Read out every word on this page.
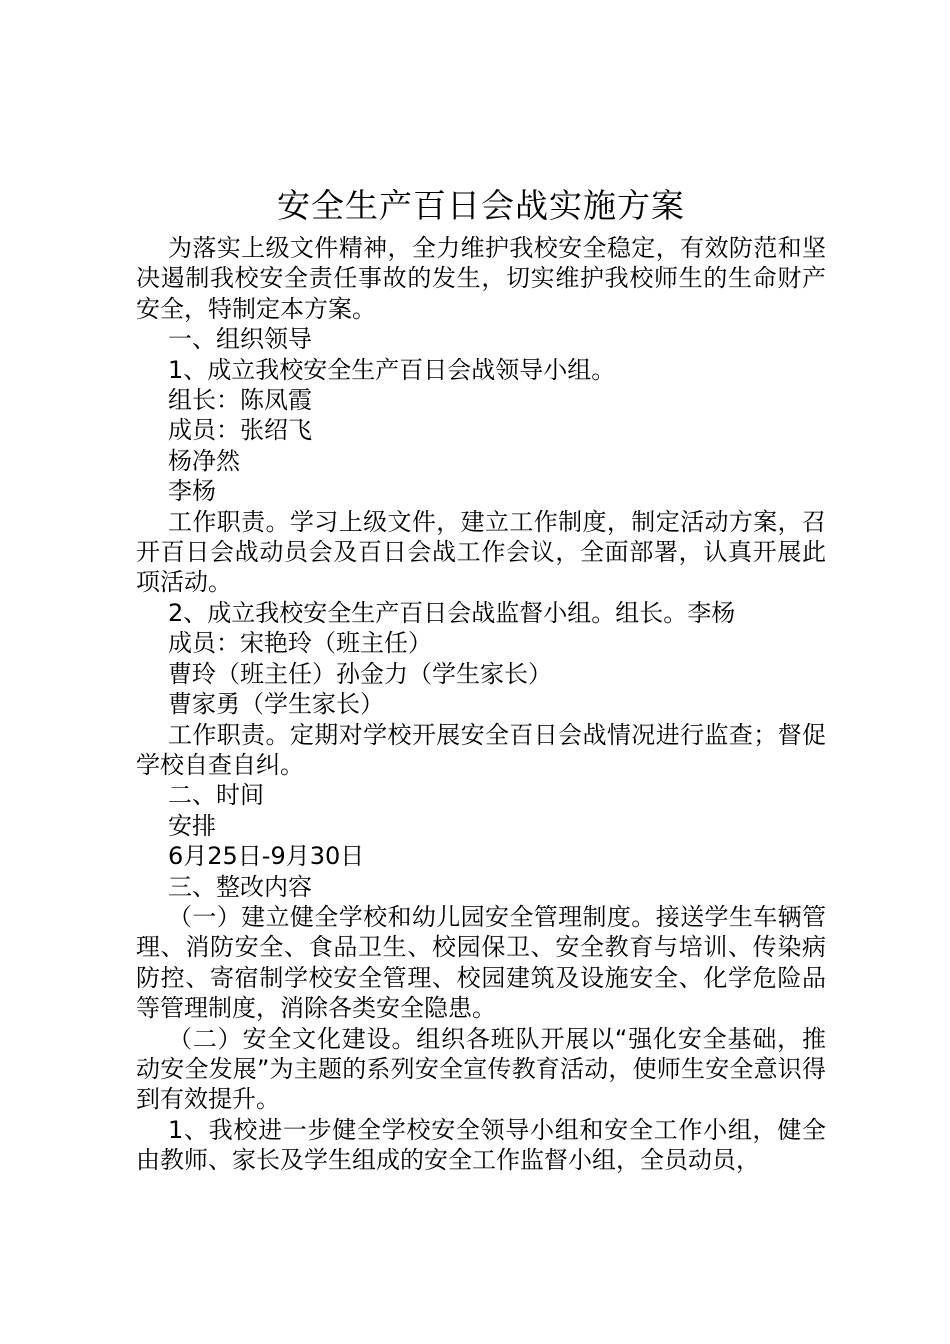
安全生产百日会战实施方案

为落实上级文件精神，全力维护我校安全稳定，有效防范和坚决遏制我校安全责任事故的发生，切实维护我校师生的生命财产安全，特制定本方案。

一、组织领导

1、成立我校安全生产百日会战领导小组。

组长：陈凤霞

成员：张绍飞

杨净然

李杨

工作职责。学习上级文件，建立工作制度，制定活动方案，召开百日会战动员会及百日会战工作会议，全面部署，认真开展此项活动。

2、成立我校安全生产百日会战监督小组。组长。李杨

成员：宋艳玲（班主任）

曹玲（班主任）孙金力（学生家长）

曹家勇（学生家长）

工作职责。定期对学校开展安全百日会战情况进行监查；督促学校自查自纠。

二、时间

安排

6月25日-9月30日

三、整改内容

（一）建立健全学校和幼儿园安全管理制度。接送学生车辆管理、消防安全、食品卫生、校园保卫、安全教育与培训、传染病防控、寄宿制学校安全管理、校园建筑及设施安全、化学危险品等管理制度，消除各类安全隐患。

（二）安全文化建设。组织各班队开展以“强化安全基础，推动安全发展”为主题的系列安全宣传教育活动，使师生安全意识得到有效提升。

1、我校进一步健全学校安全领导小组和安全工作小组，健全由教师、家长及学生组成的安全工作监督小组，全员动员，
